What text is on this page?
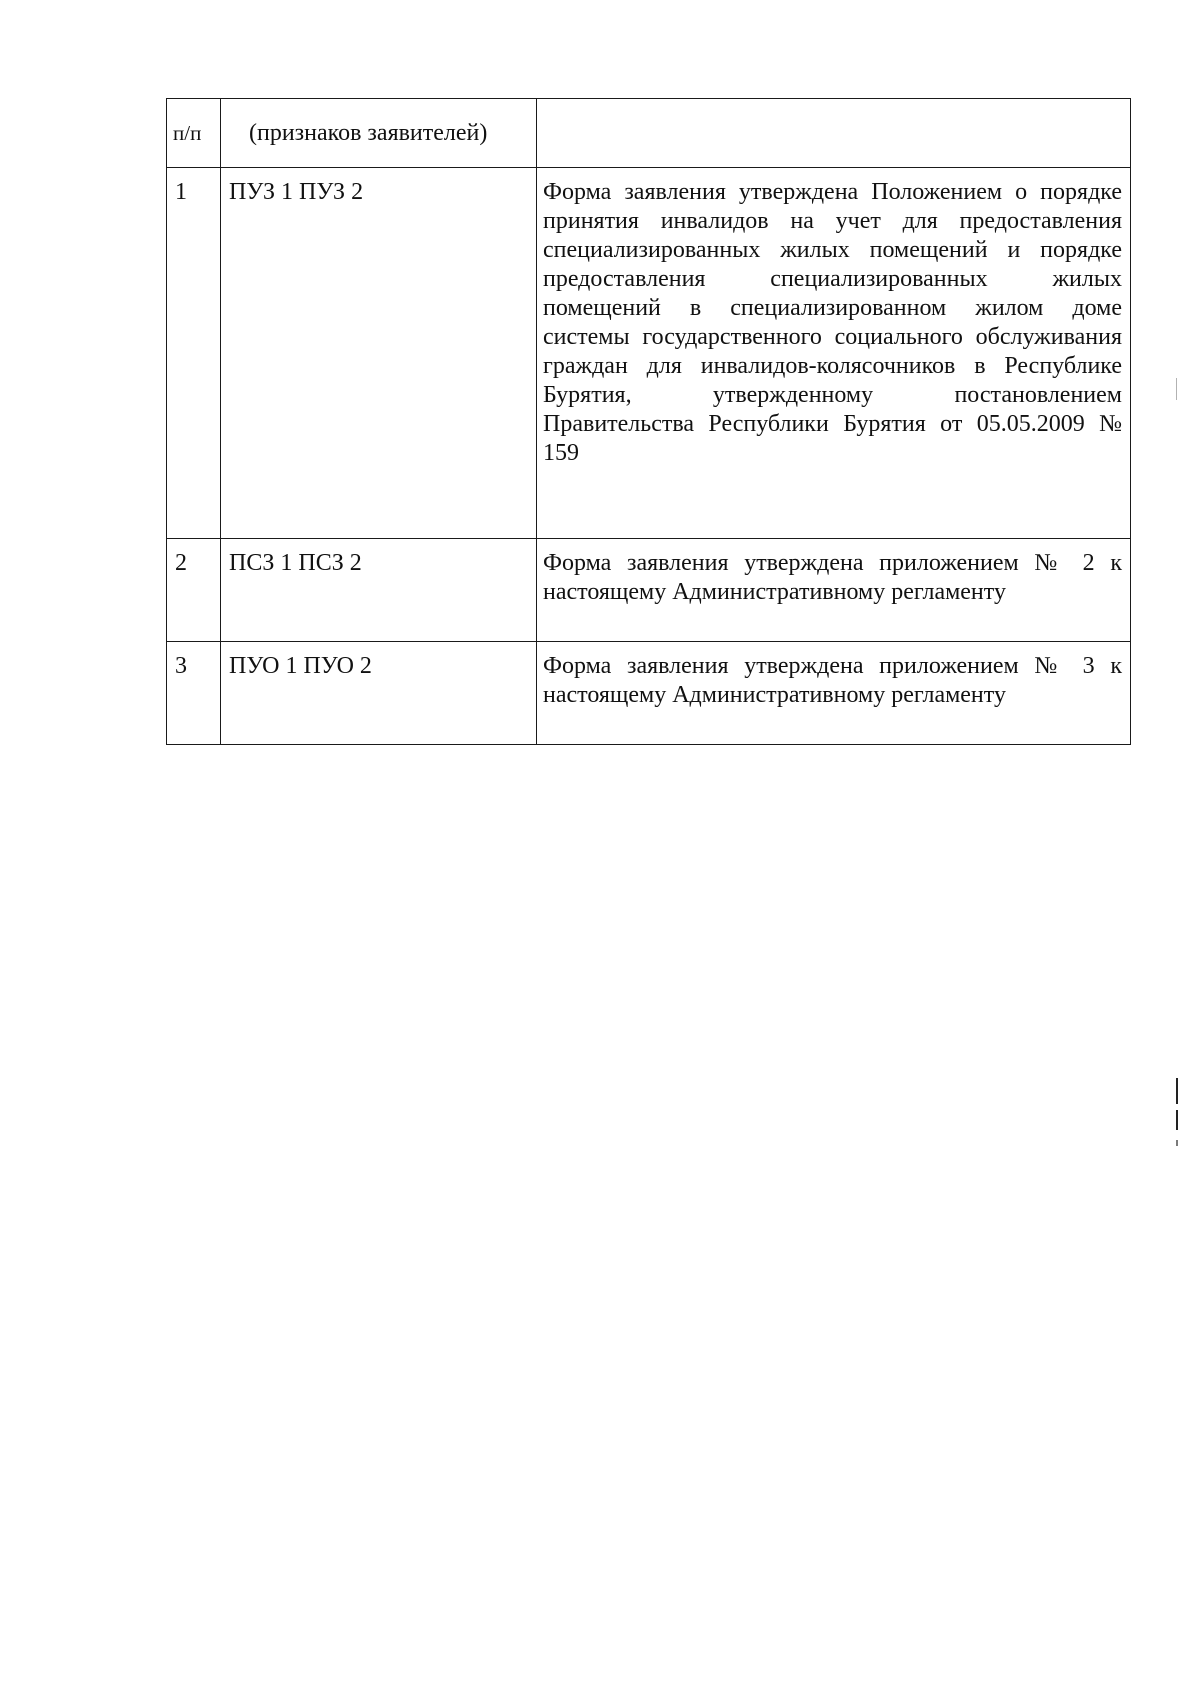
п/п	(признаков заявителей)	
1	ПУЗ 1 ПУЗ 2	Форма заявления утверждена Положением о порядке принятия инвалидов на учет для предоставления специализированных жилых помещений и порядке предоставления специализированных жилых помещений в специализированном жилом доме системы государственного социального обслуживания граждан для инвалидов-колясочников в Республике Бурятия, утвержденному постановлением Правительства Республики Бурятия от 05.05.2009 № 159
2	ПСЗ 1 ПСЗ 2	Форма заявления утверждена приложением № 2 к настоящему Административному регламенту
3	ПУО 1 ПУО 2	Форма заявления утверждена приложением № 3 к настоящему Административному регламенту
